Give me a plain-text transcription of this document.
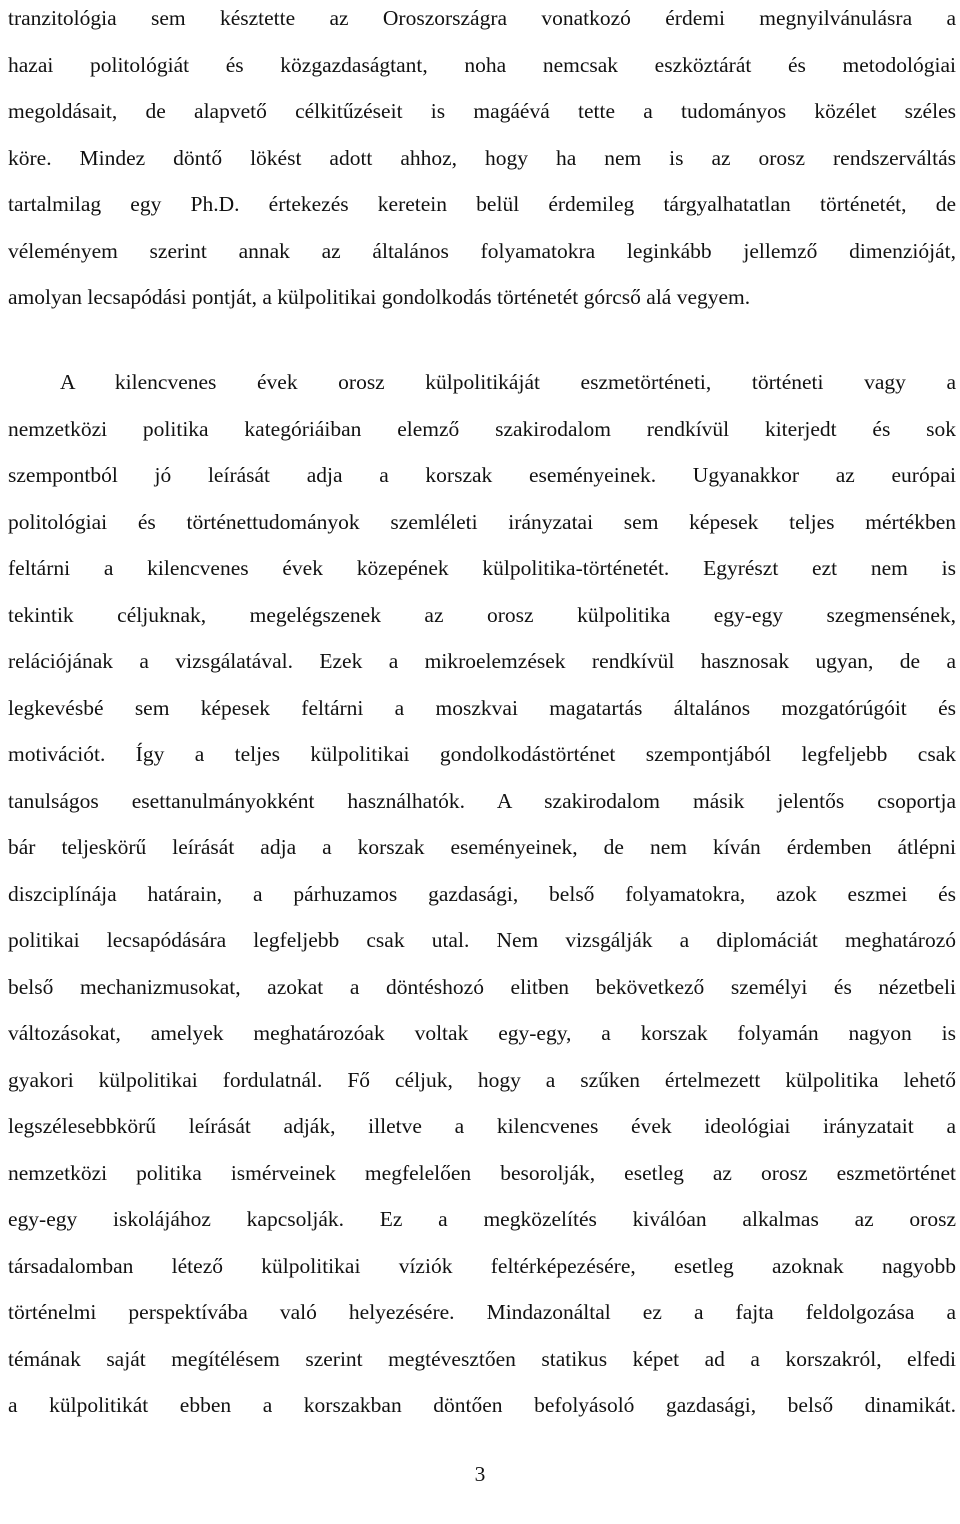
tranzitológia sem késztette az Oroszországra vonatkozó érdemi megnyilvánulásra a
hazai politológiát és közgazdaságtant, noha nemcsak eszköztárát és metodológiai
megoldásait, de alapvető célkitűzéseit is magáévá tette a tudományos közélet széles
köre. Mindez döntő lökést adott ahhoz, hogy ha nem is az orosz rendszerváltás
tartalmilag egy Ph.D. értekezés keretein belül érdemileg tárgyalhatatlan történetét, de
véleményem szerint annak az általános folyamatokra leginkább jellemző dimenzióját,
amolyan lecsapódási pontját, a külpolitikai gondolkodás történetét górcső alá vegyem.
A kilencvenes évek orosz külpolitikáját eszmetörténeti, történeti vagy a
nemzetközi politika kategóriáiban elemző szakirodalom rendkívül kiterjedt és sok
szempontból jó leírását adja a korszak eseményeinek. Ugyanakkor az európai
politológiai és történettudományok szemléleti irányzatai sem képesek teljes mértékben
feltárni a kilencvenes évek közepének külpolitika-történetét. Egyrészt ezt nem is
tekintik céljuknak, megelégszenek az orosz külpolitika egy-egy szegmensének,
relációjának a vizsgálatával. Ezek a mikroelemzések rendkívül hasznosak ugyan, de a
legkevésbé sem képesek feltárni a moszkvai magatartás általános mozgatórúgóit és
motivációt. Így a teljes külpolitikai gondolkodástörténet szempontjából legfeljebb csak
tanulságos esettanulmányokként használhatók. A szakirodalom másik jelentős csoportja
bár teljeskörű leírását adja a korszak eseményeinek, de nem kíván érdemben átlépni
diszciplínája határain, a párhuzamos gazdasági, belső folyamatokra, azok eszmei és
politikai lecsapódására legfeljebb csak utal. Nem vizsgálják a diplomáciát meghatározó
belső mechanizmusokat, azokat a döntéshozó elitben bekövetkező személyi és nézetbeli
változásokat, amelyek meghatározóak voltak egy-egy, a korszak folyamán nagyon is
gyakori külpolitikai fordulatnál. Fő céljuk, hogy a szűken értelmezett külpolitika lehető
legszélesebbkörű leírását adják, illetve a kilencvenes évek ideológiai irányzatait a
nemzetközi politika ismérveinek megfelelően besorolják, esetleg az orosz eszmetörténet
egy-egy iskolájához kapcsolják. Ez a megközelítés kiválóan alkalmas az orosz
társadalomban létező külpolitikai víziók feltérképezésére, esetleg azoknak nagyobb
történelmi perspektívába való helyezésére. Mindazonáltal ez a fajta feldolgozása a
témának saját megítélésem szerint megtévesztően statikus képet ad a korszakról, elfedi
a külpolitikát ebben a korszakban döntően befolyásoló gazdasági, belső dinamikát.
3
